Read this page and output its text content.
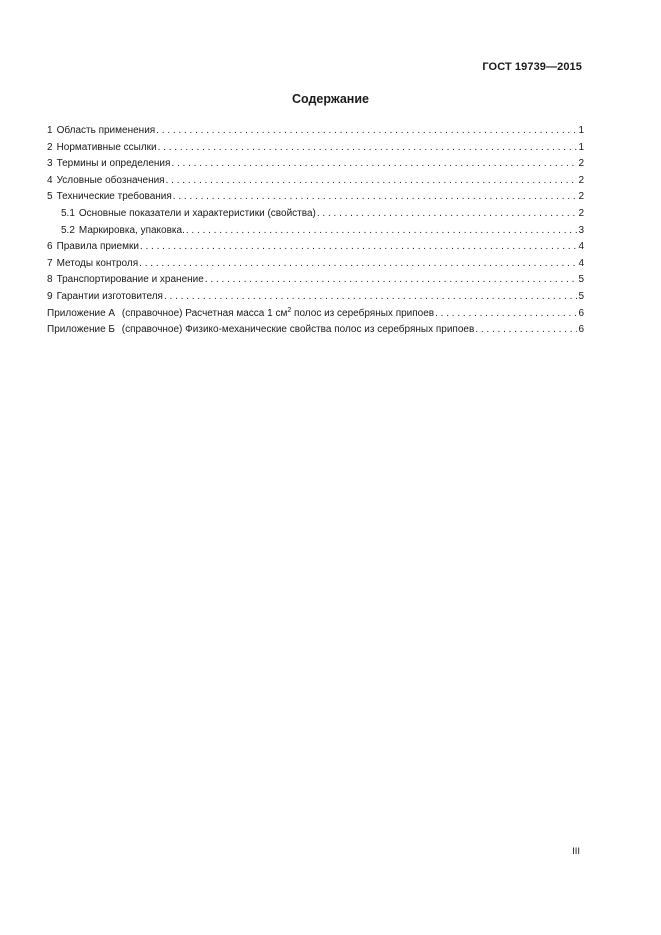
ГОСТ 19739—2015
Содержание
1 Область применения . . .	1
2 Нормативные ссылки . . .	1
3 Термины и определения . . .	2
4 Условные обозначения . . .	2
5 Технические требования . . .	2
5.1 Основные показатели и характеристики (свойства) . . .	2
5.2 Маркировка, упаковка. . . .	3
6 Правила приемки . . .	4
7 Методы контроля . . .	4
8 Транспортирование и хранение . . .	5
9 Гарантии изготовителя . . .	5
Приложение А (справочное) Расчетная масса 1 $см^2$ полос из серебряных припоев . . .	6
Приложение Б (справочное) Физико-механические свойства полос из серебряных припоев . . .	6
III
